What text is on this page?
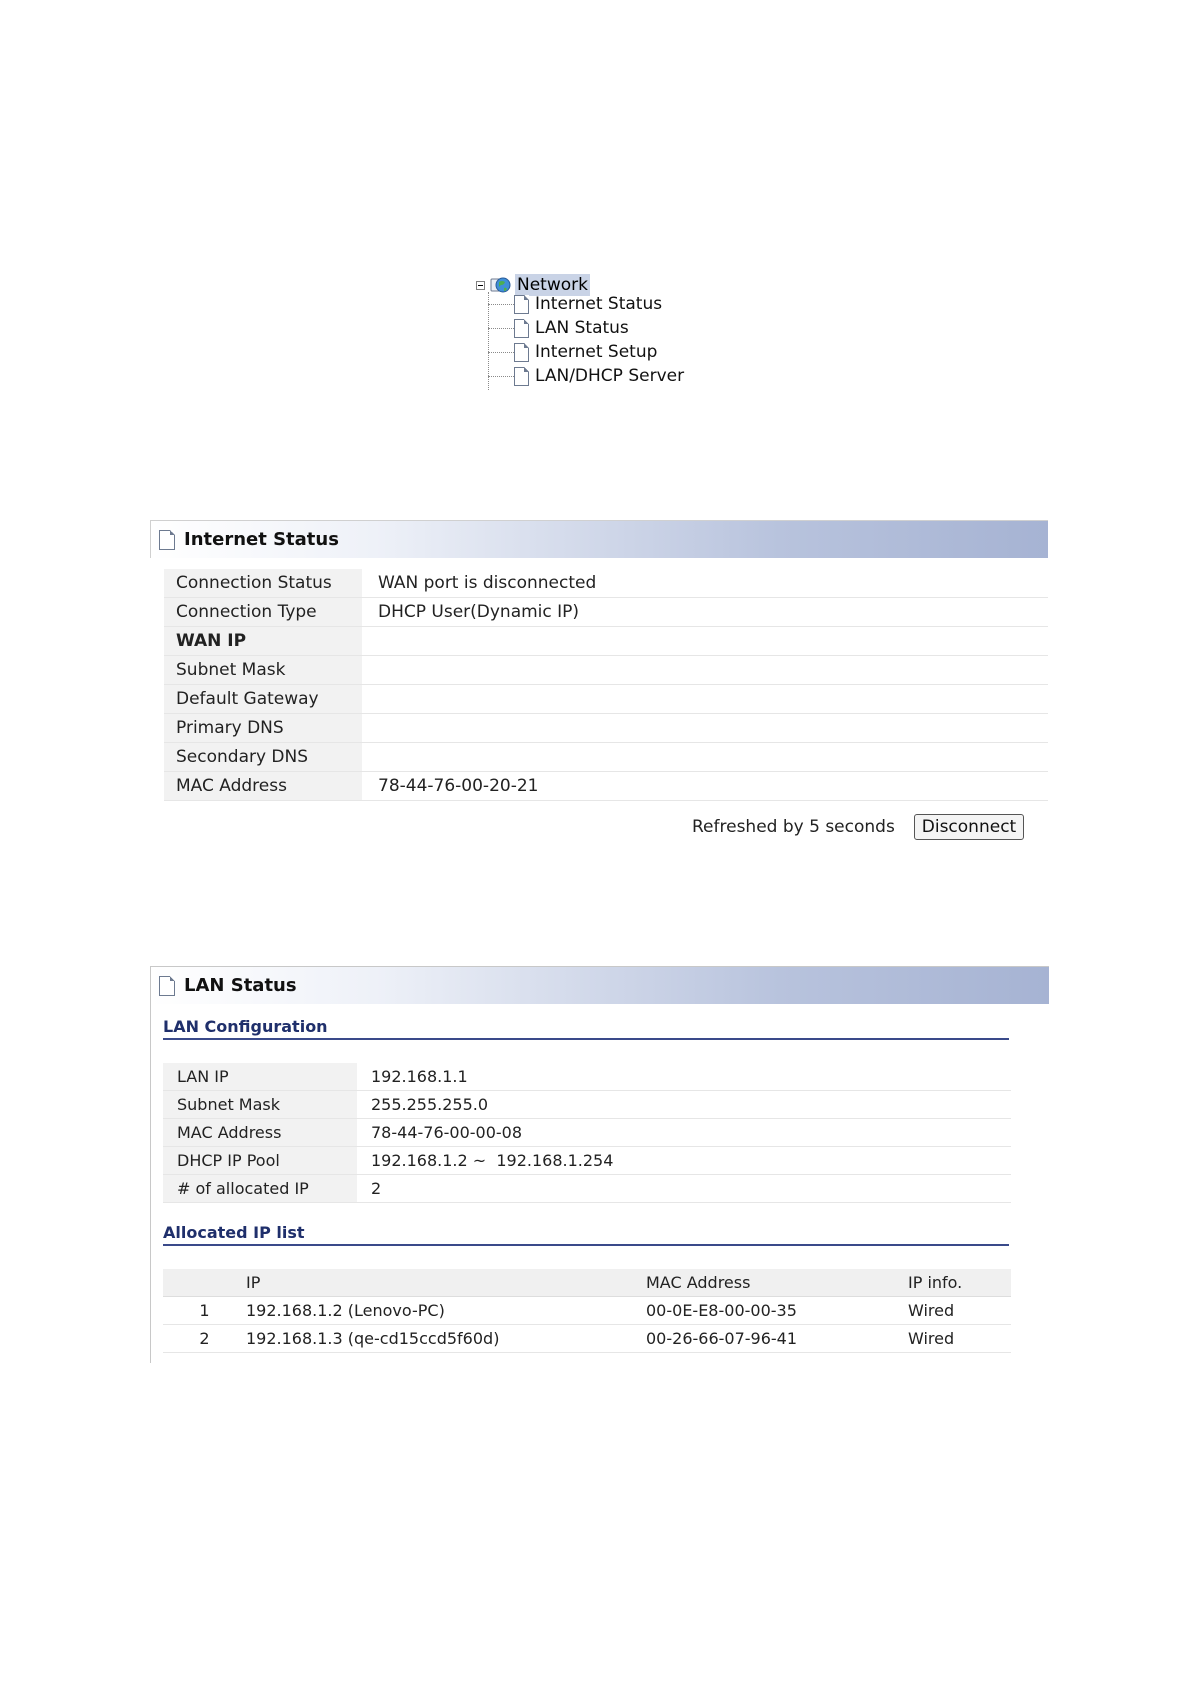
Network
Internet Status
LAN Status
Internet Setup
LAN/DHCP Server
Internet Status
Connection Status	WAN port is disconnected
Connection Type	DHCP User(Dynamic IP)
WAN IP	
Subnet Mask	
Default Gateway	
Primary DNS	
Secondary DNS	
MAC Address	78-44-76-00-20-21
Refreshed by 5 seconds	Disconnect
LAN Status
LAN Configuration
LAN IP	192.168.1.1
Subnet Mask	255.255.255.0
MAC Address	78-44-76-00-00-08
DHCP IP Pool	192.168.1.2 ~  192.168.1.254
# of allocated IP	2
Allocated IP list
	IP	MAC Address	IP info.
1	192.168.1.2 (Lenovo-PC)	00-0E-E8-00-00-35	Wired
2	192.168.1.3 (qe-cd15ccd5f60d)	00-26-66-07-96-41	Wired
